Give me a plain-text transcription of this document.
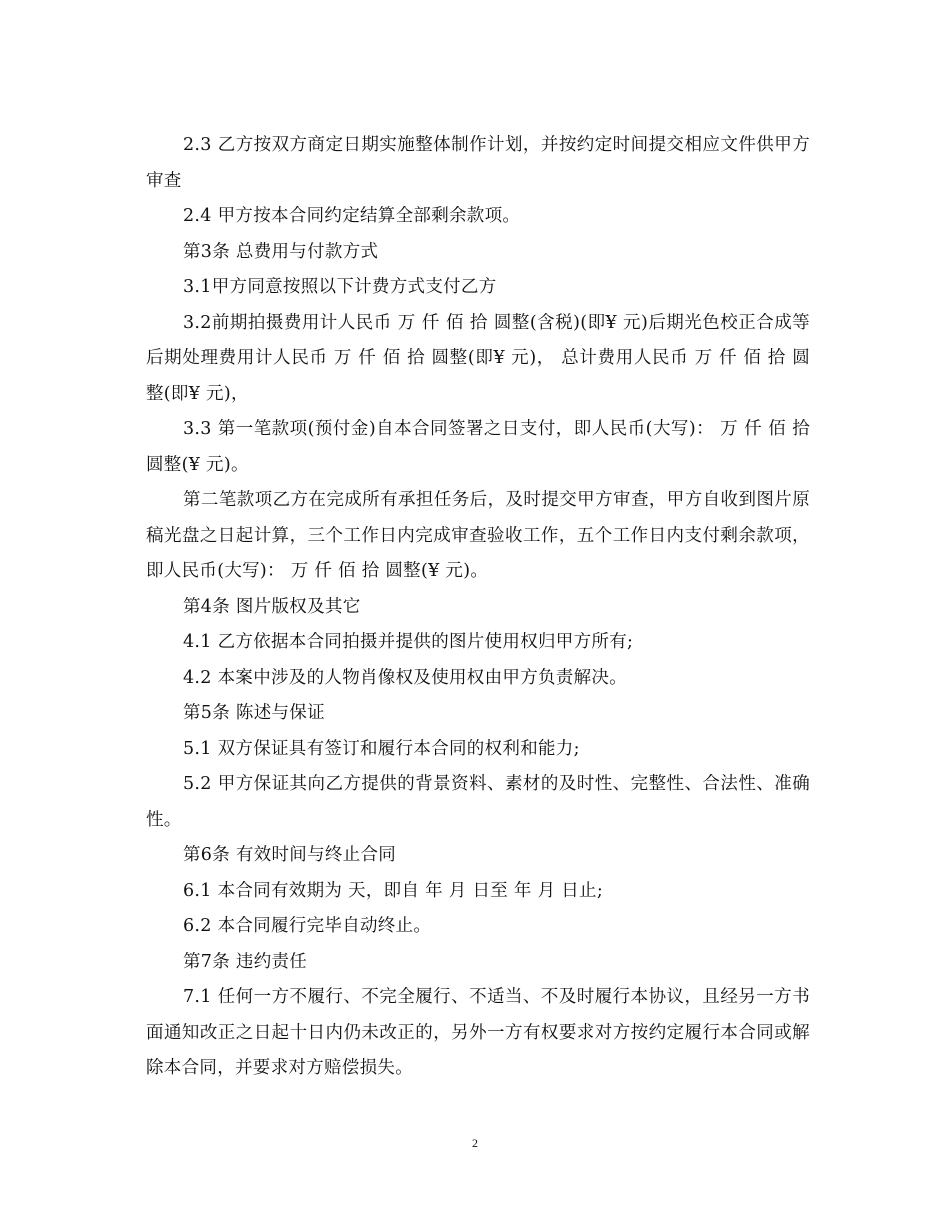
2.3 乙方按双方商定日期实施整体制作计划，并按约定时间提交相应文件供甲方审查

2.4 甲方按本合同约定结算全部剩余款项。

第3条 总费用与付款方式

3.1甲方同意按照以下计费方式支付乙方

3.2前期拍摄费用计人民币 万 仟 佰 拾 圆整(含税)(即¥ 元)后期光色校正合成等后期处理费用计人民币 万 仟 佰 拾 圆整(即¥ 元)， 总计费用人民币 万 仟 佰 拾 圆整(即¥ 元)，

3.3 第一笔款项(预付金)自本合同签署之日支付，即人民币(大写)： 万 仟 佰 拾 圆整(¥ 元)。

第二笔款项乙方在完成所有承担任务后，及时提交甲方审查，甲方自收到图片原稿光盘之日起计算，三个工作日内完成审查验收工作，五个工作日内支付剩余款项，即人民币(大写)： 万 仟 佰 拾 圆整(¥ 元)。

第4条 图片版权及其它

4.1 乙方依据本合同拍摄并提供的图片使用权归甲方所有;

4.2 本案中涉及的人物肖像权及使用权由甲方负责解决。

第5条 陈述与保证

5.1 双方保证具有签订和履行本合同的权利和能力;

5.2 甲方保证其向乙方提供的背景资料、素材的及时性、完整性、合法性、准确性。

第6条 有效时间与终止合同

6.1 本合同有效期为 天，即自 年 月 日至 年 月 日止;

6.2 本合同履行完毕自动终止。

第7条 违约责任

7.1 任何一方不履行、不完全履行、不适当、不及时履行本协议，且经另一方书面通知改正之日起十日内仍未改正的，另外一方有权要求对方按约定履行本合同或解除本合同，并要求对方赔偿损失。

2
